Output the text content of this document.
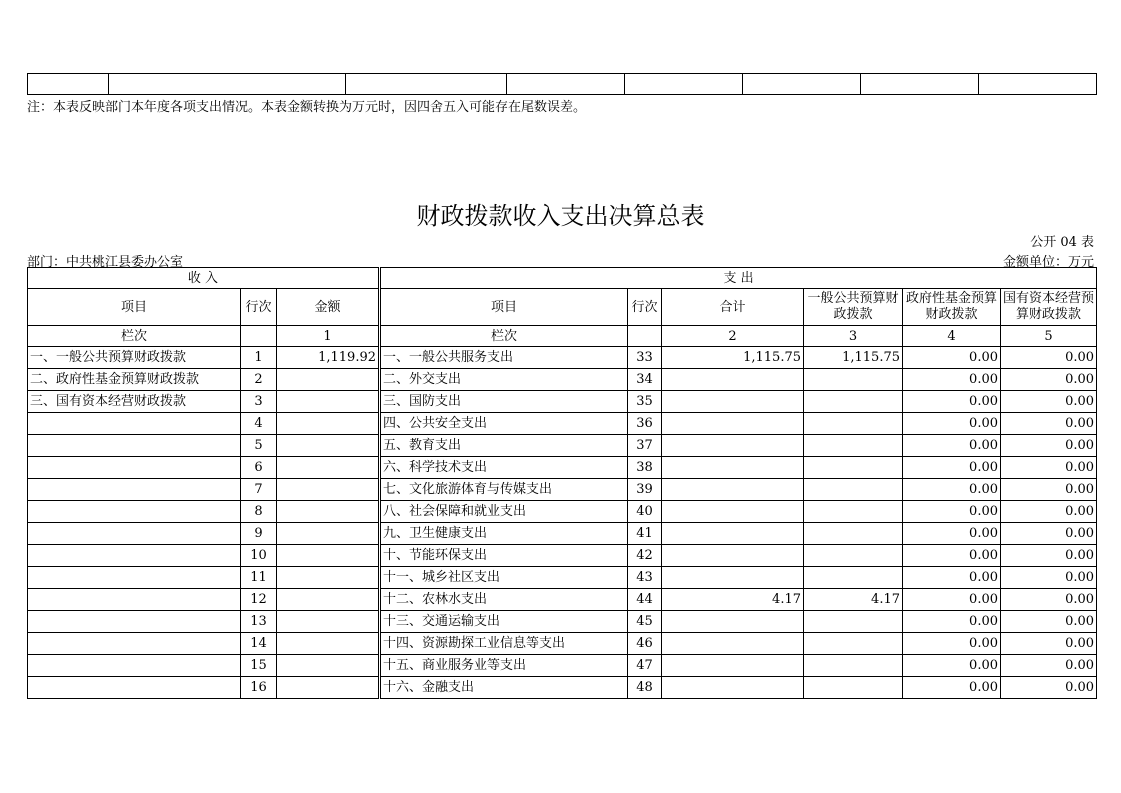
注：本表反映部门本年度各项支出情况。本表金额转换为万元时，因四舍五入可能存在尾数误差。
财政拨款收入支出决算总表
公开 04 表
部门：中共桃江县委办公室	金额单位：万元
收 入			支 出					
项目	行次	金额	项目	行次	合计	一般公共预算财政拨款	政府性基金预算财政拨款	国有资本经营预算财政拨款
栏次		1	栏次		2	3	4	5
一、一般公共预算财政拨款	1	1,119.92	一、一般公共服务支出	33	1,115.75	1,115.75	0.00	0.00
二、政府性基金预算财政拨款	2		二、外交支出	34			0.00	0.00
三、国有资本经营财政拨款	3		三、国防支出	35			0.00	0.00
	4		四、公共安全支出	36			0.00	0.00
	5		五、教育支出	37			0.00	0.00
	6		六、科学技术支出	38			0.00	0.00
	7		七、文化旅游体育与传媒支出	39			0.00	0.00
	8		八、社会保障和就业支出	40			0.00	0.00
	9		九、卫生健康支出	41			0.00	0.00
	10		十、节能环保支出	42			0.00	0.00
	11		十一、城乡社区支出	43			0.00	0.00
	12		十二、农林水支出	44	4.17	4.17	0.00	0.00
	13		十三、交通运输支出	45			0.00	0.00
	14		十四、资源勘探工业信息等支出	46			0.00	0.00
	15		十五、商业服务业等支出	47			0.00	0.00
	16		十六、金融支出	48			0.00	0.00
